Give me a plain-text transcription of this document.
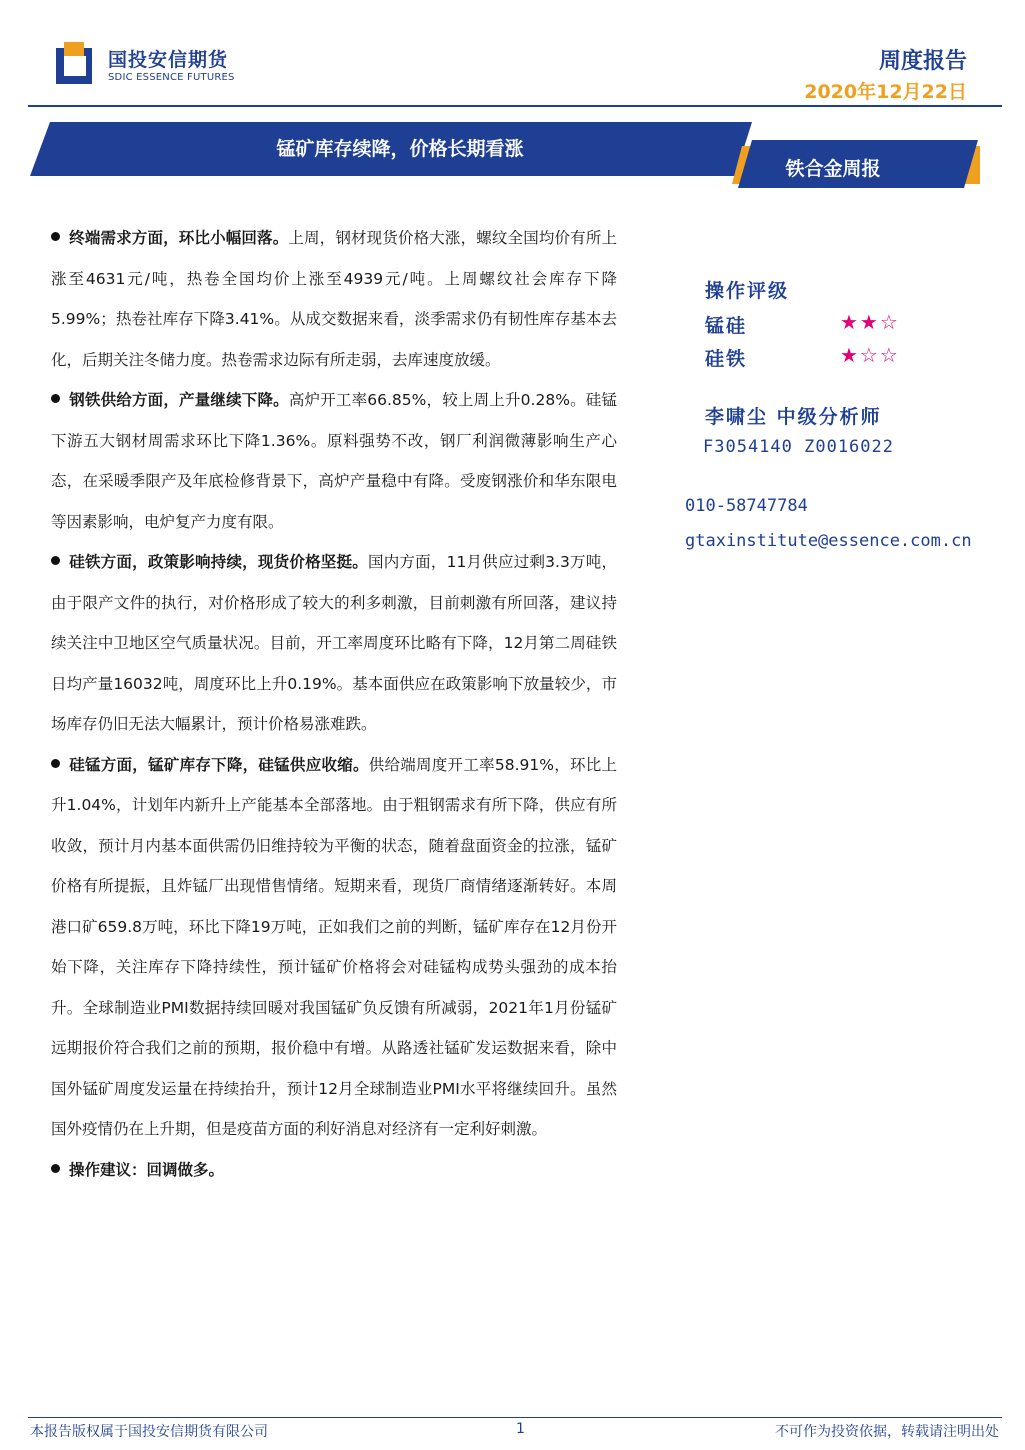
国投安信期货
SDIC ESSENCE FUTURES
周度报告
2020年12月22日
锰矿库存续降，价格长期看涨
铁合金周报

终端需求方面，环比小幅回落。上周，钢材现货价格大涨，螺纹全国均价有所上涨至4631元/吨，热卷全国均价上涨至4939元/吨。上周螺纹社会库存下降5.99%；热卷社库存下降3.41%。从成交数据来看，淡季需求仍有韧性库存基本去化，后期关注冬储力度。热卷需求边际有所走弱，去库速度放缓。

钢铁供给方面，产量继续下降。高炉开工率66.85%，较上周上升0.28%。硅锰下游五大钢材周需求环比下降1.36%。原料强势不改，钢厂利润微薄影响生产心态，在采暖季限产及年底检修背景下，高炉产量稳中有降。受废钢涨价和华东限电等因素影响，电炉复产力度有限。

硅铁方面，政策影响持续，现货价格坚挺。国内方面，11月供应过剩3.3万吨，由于限产文件的执行，对价格形成了较大的利多刺激，目前刺激有所回落，建议持续关注中卫地区空气质量状况。目前，开工率周度环比略有下降，12月第二周硅铁日均产量16032吨，周度环比上升0.19%。基本面供应在政策影响下放量较少，市场库存仍旧无法大幅累计，预计价格易涨难跌。

硅锰方面，锰矿库存下降，硅锰供应收缩。供给端周度开工率58.91%，环比上升1.04%，计划年内新升上产能基本全部落地。由于粗钢需求有所下降，供应有所收敛，预计月内基本面供需仍旧维持较为平衡的状态，随着盘面资金的拉涨，锰矿价格有所提振，且炸锰厂出现惜售情绪。短期来看，现货厂商情绪逐渐转好。本周港口矿659.8万吨，环比下降19万吨，正如我们之前的判断，锰矿库存在12月份开始下降，关注库存下降持续性，预计锰矿价格将会对硅锰构成势头强劲的成本抬升。全球制造业PMI数据持续回暖对我国锰矿负反馈有所减弱，2021年1月份锰矿远期报价符合我们之前的预期，报价稳中有增。从路透社锰矿发运数据来看，除中国外锰矿周度发运量在持续抬升，预计12月全球制造业PMI水平将继续回升。虽然国外疫情仍在上升期，但是疫苗方面的利好消息对经济有一定利好刺激。

操作建议：回调做多。

操作评级
锰硅	★★☆
硅铁	★☆☆
李啸尘 中级分析师
F3054140 Z0016022
010-58747784
gtaxinstitute@essence.com.cn
本报告版权属于国投安信期货有限公司	1	不可作为投资依据，转载请注明出处
